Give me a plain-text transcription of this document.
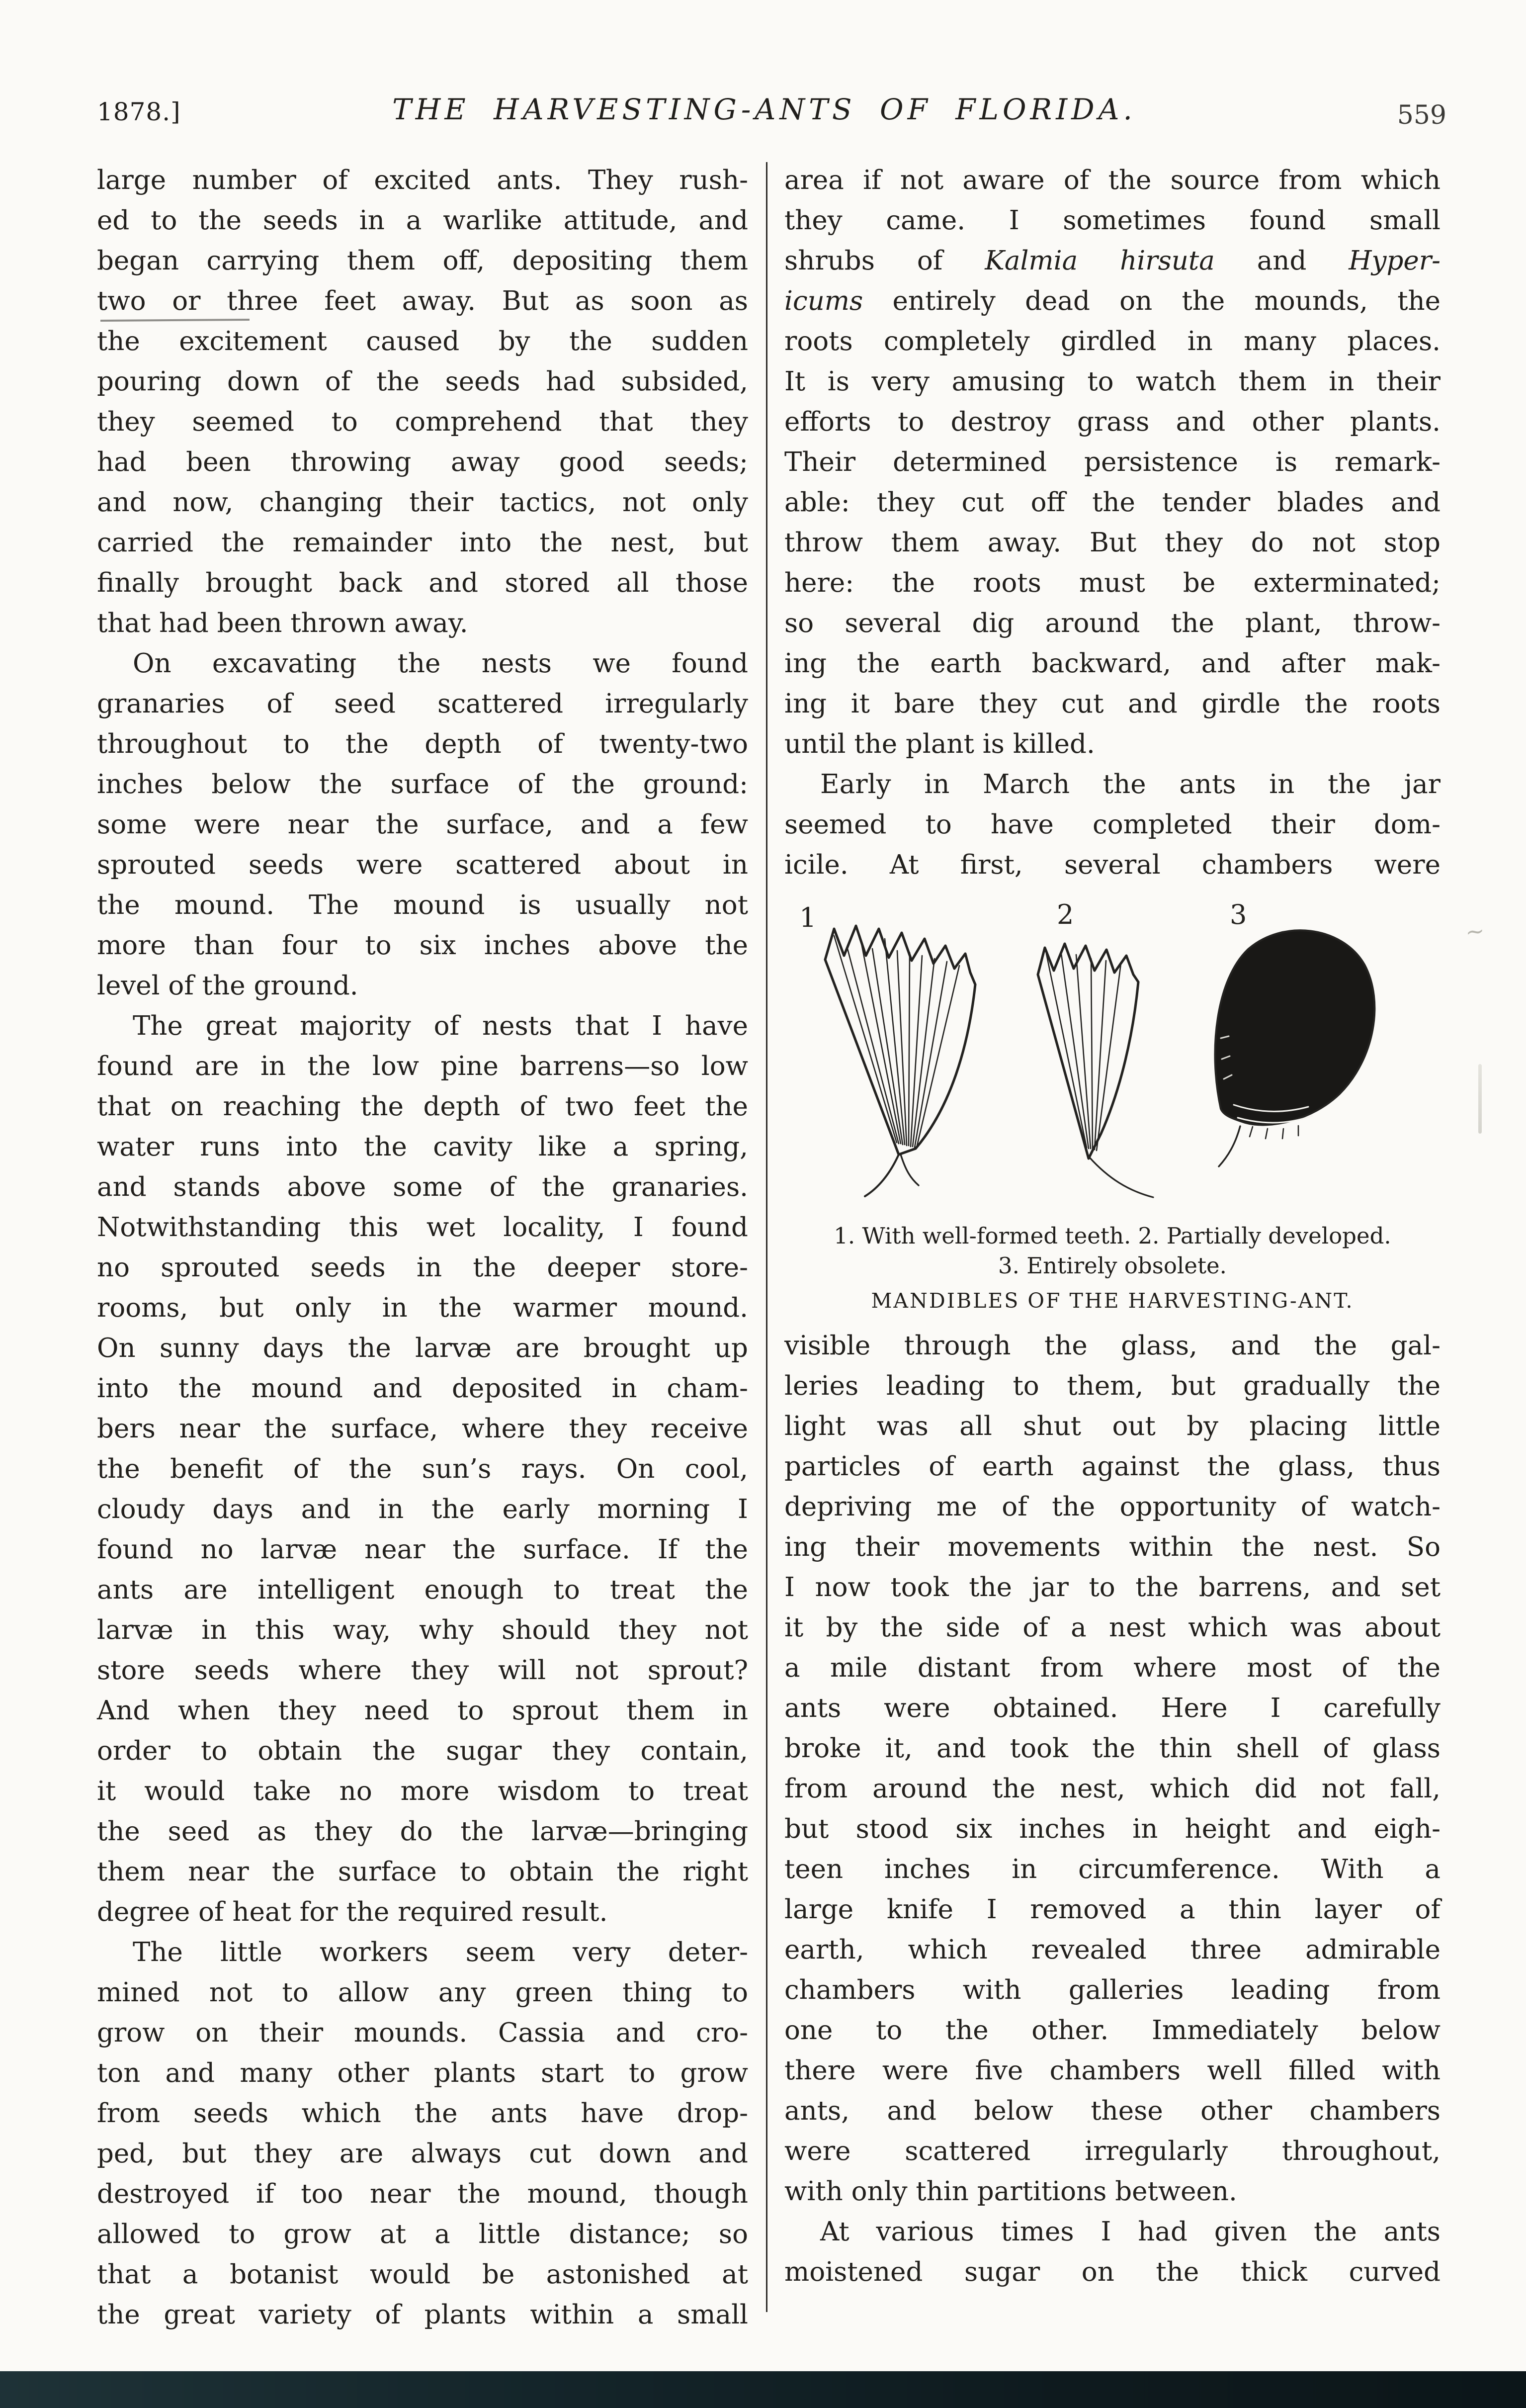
1878.]	THE HARVESTING-ANTS OF FLORIDA.	559
large number of excited ants. They rush-
ed to the seeds in a warlike attitude, and
began carrying them off, depositing them
two or three feet away. But as soon as
the excitement caused by the sudden
pouring down of the seeds had subsided,
they seemed to comprehend that they
had been throwing away good seeds;
and now, changing their tactics, not only
carried the remainder into the nest, but
finally brought back and stored all those
that had been thrown away.
On excavating the nests we found
granaries of seed scattered irregularly
throughout to the depth of twenty-two
inches below the surface of the ground:
some were near the surface, and a few
sprouted seeds were scattered about in
the mound. The mound is usually not
more than four to six inches above the
level of the ground.
The great majority of nests that I have
found are in the low pine barrens—so low
that on reaching the depth of two feet the
water runs into the cavity like a spring,
and stands above some of the granaries.
Notwithstanding this wet locality, I found
no sprouted seeds in the deeper store-
rooms, but only in the warmer mound.
On sunny days the larvæ are brought up
into the mound and deposited in cham-
bers near the surface, where they receive
the benefit of the sun’s rays. On cool,
cloudy days and in the early morning I
found no larvæ near the surface. If the
ants are intelligent enough to treat the
larvæ in this way, why should they not
store seeds where they will not sprout?
And when they need to sprout them in
order to obtain the sugar they contain,
it would take no more wisdom to treat
the seed as they do the larvæ—bringing
them near the surface to obtain the right
degree of heat for the required result.
The little workers seem very deter-
mined not to allow any green thing to
grow on their mounds. Cassia and cro-
ton and many other plants start to grow
from seeds which the ants have drop-
ped, but they are always cut down and
destroyed if too near the mound, though
allowed to grow at a little distance; so
that a botanist would be astonished at
the great variety of plants within a small
area if not aware of the source from which
they came. I sometimes found small
shrubs of Kalmia hirsuta and Hyper-
icums entirely dead on the mounds, the
roots completely girdled in many places.
It is very amusing to watch them in their
efforts to destroy grass and other plants.
Their determined persistence is remark-
able: they cut off the tender blades and
throw them away. But they do not stop
here: the roots must be exterminated;
so several dig around the plant, throw-
ing the earth backward, and after mak-
ing it bare they cut and girdle the roots
until the plant is killed.
Early in March the ants in the jar
seemed to have completed their dom-
icile. At first, several chambers were
1	2	3
1. With well-formed teeth. 2. Partially developed.
3. Entirely obsolete.
MANDIBLES OF THE HARVESTING-ANT.
visible through the glass, and the gal-
leries leading to them, but gradually the
light was all shut out by placing little
particles of earth against the glass, thus
depriving me of the opportunity of watch-
ing their movements within the nest. So
I now took the jar to the barrens, and set
it by the side of a nest which was about
a mile distant from where most of the
ants were obtained. Here I carefully
broke it, and took the thin shell of glass
from around the nest, which did not fall,
but stood six inches in height and eigh-
teen inches in circumference. With a
large knife I removed a thin layer of
earth, which revealed three admirable
chambers with galleries leading from
one to the other. Immediately below
there were five chambers well filled with
ants, and below these other chambers
were scattered irregularly throughout,
with only thin partitions between.
At various times I had given the ants
moistened sugar on the thick curved
~
